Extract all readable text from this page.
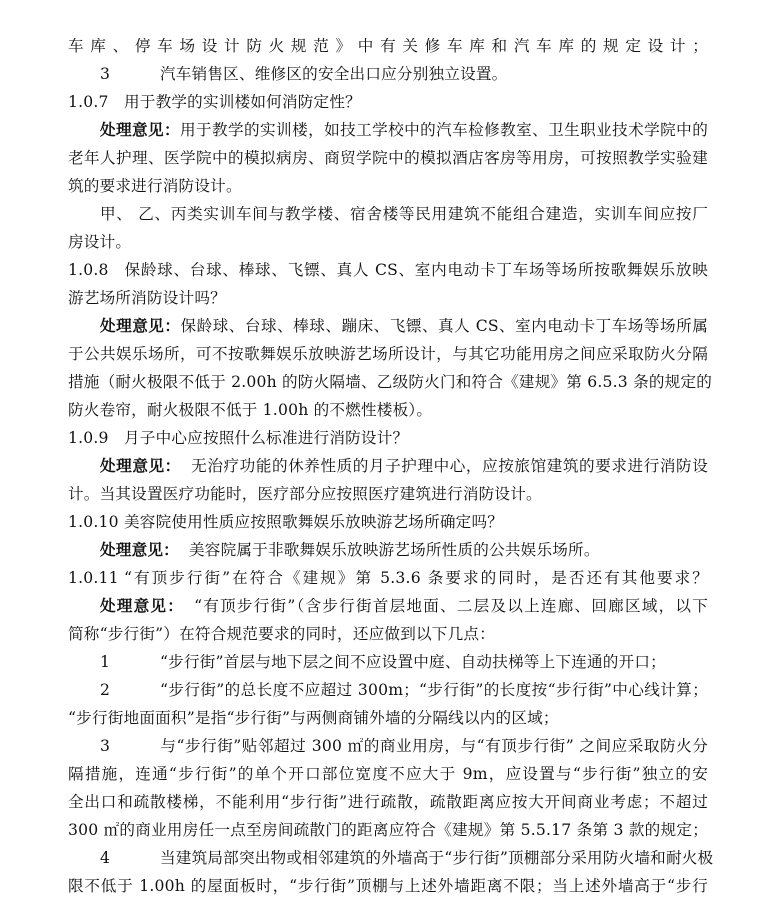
车库、停车场设计防火规范》中有关修车库和汽车库的规定设计；
3	汽车销售区、维修区的安全出口应分别独立设置。
1.0.7 用于教学的实训楼如何消防定性？
处理意见：用于教学的实训楼，如技工学校中的汽车检修教室、卫生职业技术学院中的
老年人护理、医学院中的模拟病房、商贸学院中的模拟酒店客房等用房，可按照教学实验建
筑的要求进行消防设计。
甲、 乙、丙类实训车间与教学楼、宿舍楼等民用建筑不能组合建造，实训车间应按厂
房设计。
1.0.8 保龄球、台球、棒球、飞镖、真人 CS、室内电动卡丁车场等场所按歌舞娱乐放映
游艺场所消防设计吗？
处理意见：保龄球、台球、棒球、蹦床、飞镖、真人 CS、室内电动卡丁车场等场所属
于公共娱乐场所，可不按歌舞娱乐放映游艺场所设计，与其它功能用房之间应采取防火分隔
措施（耐火极限不低于 2.00h 的防火隔墙、乙级防火门和符合《建规》第 6.5.3 条的规定的
防火卷帘，耐火极限不低于 1.00h 的不燃性楼板）。
1.0.9 月子中心应按照什么标准进行消防设计？
处理意见： 无治疗功能的休养性质的月子护理中心，应按旅馆建筑的要求进行消防设
计。当其设置医疗功能时，医疗部分应按照医疗建筑进行消防设计。
1.0.10 美容院使用性质应按照歌舞娱乐放映游艺场所确定吗？
处理意见： 美容院属于非歌舞娱乐放映游艺场所性质的公共娱乐场所。
1.0.11 “有顶步行街”在符合《建规》第 5.3.6 条要求的同时，是否还有其他要求？
处理意见： “有顶步行街”（含步行街首层地面、二层及以上连廊、回廊区域，以下
简称“步行街”）在符合规范要求的同时，还应做到以下几点：
1	“步行街”首层与地下层之间不应设置中庭、自动扶梯等上下连通的开口；
2	“步行街”的总长度不应超过 300m；“步行街”的长度按“步行街”中心线计算；
“步行街地面面积”是指“步行街”与两侧商铺外墙的分隔线以内的区域；
3	与“步行街”贴邻超过 300 ㎡的商业用房，与“有顶步行街” 之间应采取防火分
隔措施，连通“步行街”的单个开口部位宽度不应大于 9m，应设置与“步行街”独立的安
全出口和疏散楼梯，不能利用“步行街”进行疏散，疏散距离应按大开间商业考虑；不超过
300 ㎡的商业用房任一点至房间疏散门的距离应符合《建规》第 5.5.17 条第 3 款的规定；
4	当建筑局部突出物或相邻建筑的外墙高于“步行街”顶棚部分采用防火墙和耐火极
限不低于 1.00h 的屋面板时，“步行街”顶棚与上述外墙距离不限；当上述外墙高于“步行
